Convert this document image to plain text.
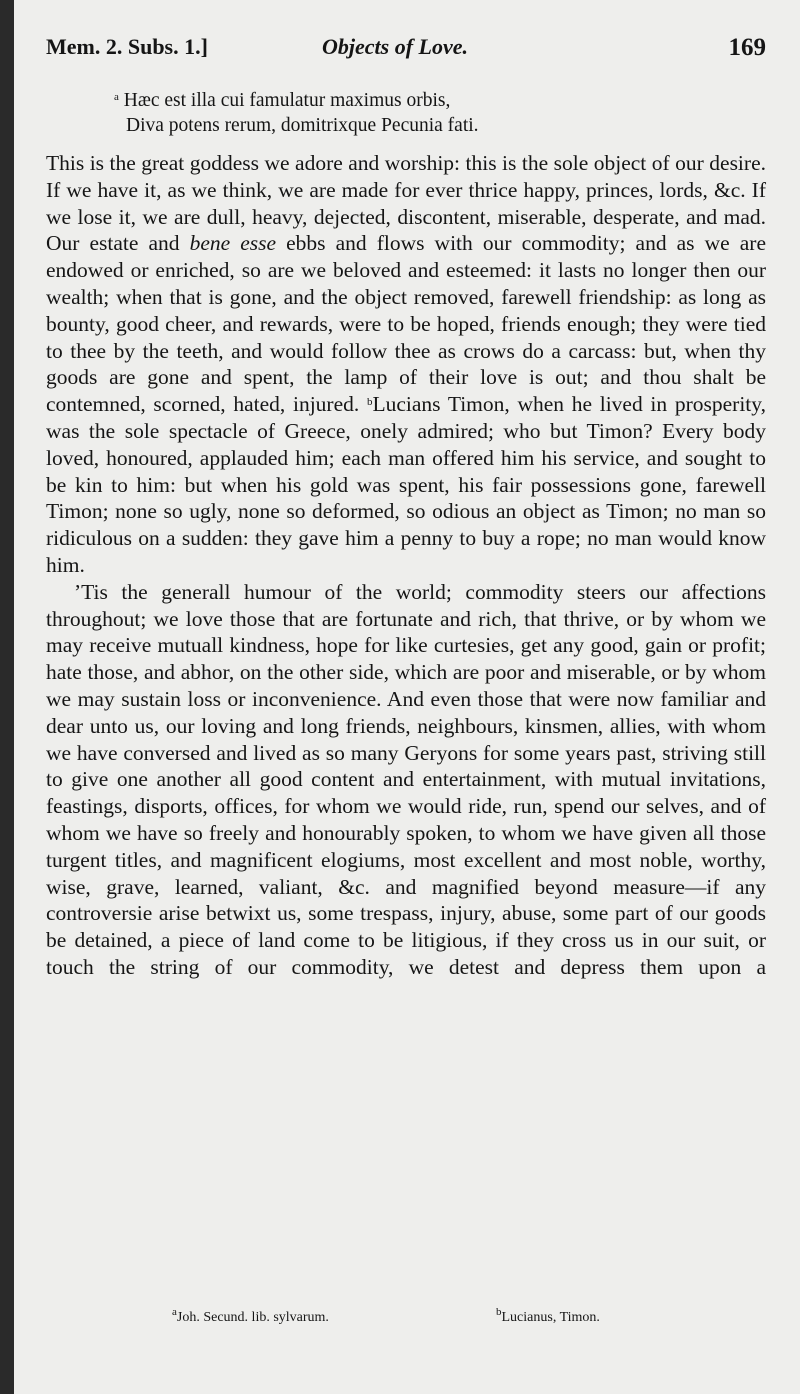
Mem. 2. Subs. 1.]	Objects of Love.	169
$^a$ Hæc est illa cui famulatur maximus orbis,
Diva potens rerum, domitrixque Pecunia fati.

This is the great goddess we adore and worship: this is the sole object of our desire. If we have it, as we think, we are made for ever thrice happy, princes, lords, &c. If we lose it, we are dull, heavy, dejected, discontent, miserable, desperate, and mad. Our estate and bene esse ebbs and flows with our commodity; and as we are endowed or enriched, so are we beloved and esteemed: it lasts no longer then our wealth; when that is gone, and the object removed, farewell friendship: as long as bounty, good cheer, and rewards, were to be hoped, friends enough; they were tied to thee by the teeth, and would follow thee as crows do a carcass: but, when thy goods are gone and spent, the lamp of their love is out; and thou shalt be contemned, scorned, hated, injured. $^b$Lucians Timon, when he lived in prosperity, was the sole spectacle of Greece, onely admired; who but Timon? Every body loved, honoured, applauded him; each man offered him his service, and sought to be kin to him: but when his gold was spent, his fair possessions gone, farewell Timon; none so ugly, none so deformed, so odious an object as Timon; no man so ridiculous on a sudden: they gave him a penny to buy a rope; no man would know him.

’Tis the generall humour of the world; commodity steers our affections throughout; we love those that are fortunate and rich, that thrive, or by whom we may receive mutuall kindness, hope for like curtesies, get any good, gain or profit; hate those, and abhor, on the other side, which are poor and miserable, or by whom we may sustain loss or inconvenience. And even those that were now familiar and dear unto us, our loving and long friends, neighbours, kinsmen, allies, with whom we have conversed and lived as so many Geryons for some years past, striving still to give one another all good content and entertainment, with mutual invitations, feastings, disports, offices, for whom we would ride, run, spend our selves, and of whom we have so freely and honourably spoken, to whom we have given all those turgent titles, and magnificent elogiums, most excellent and most noble, worthy, wise, grave, learned, valiant, &c. and magnified beyond measure—if any controversie arise betwixt us, some trespass, injury, abuse, some part of our goods be detained, a piece of land come to be litigious, if they cross us in our suit, or touch the string of our commodity, we detest and depress them upon a

$^a$Joh. Secund. lib. sylvarum.	$^b$Lucianus, Timon.
